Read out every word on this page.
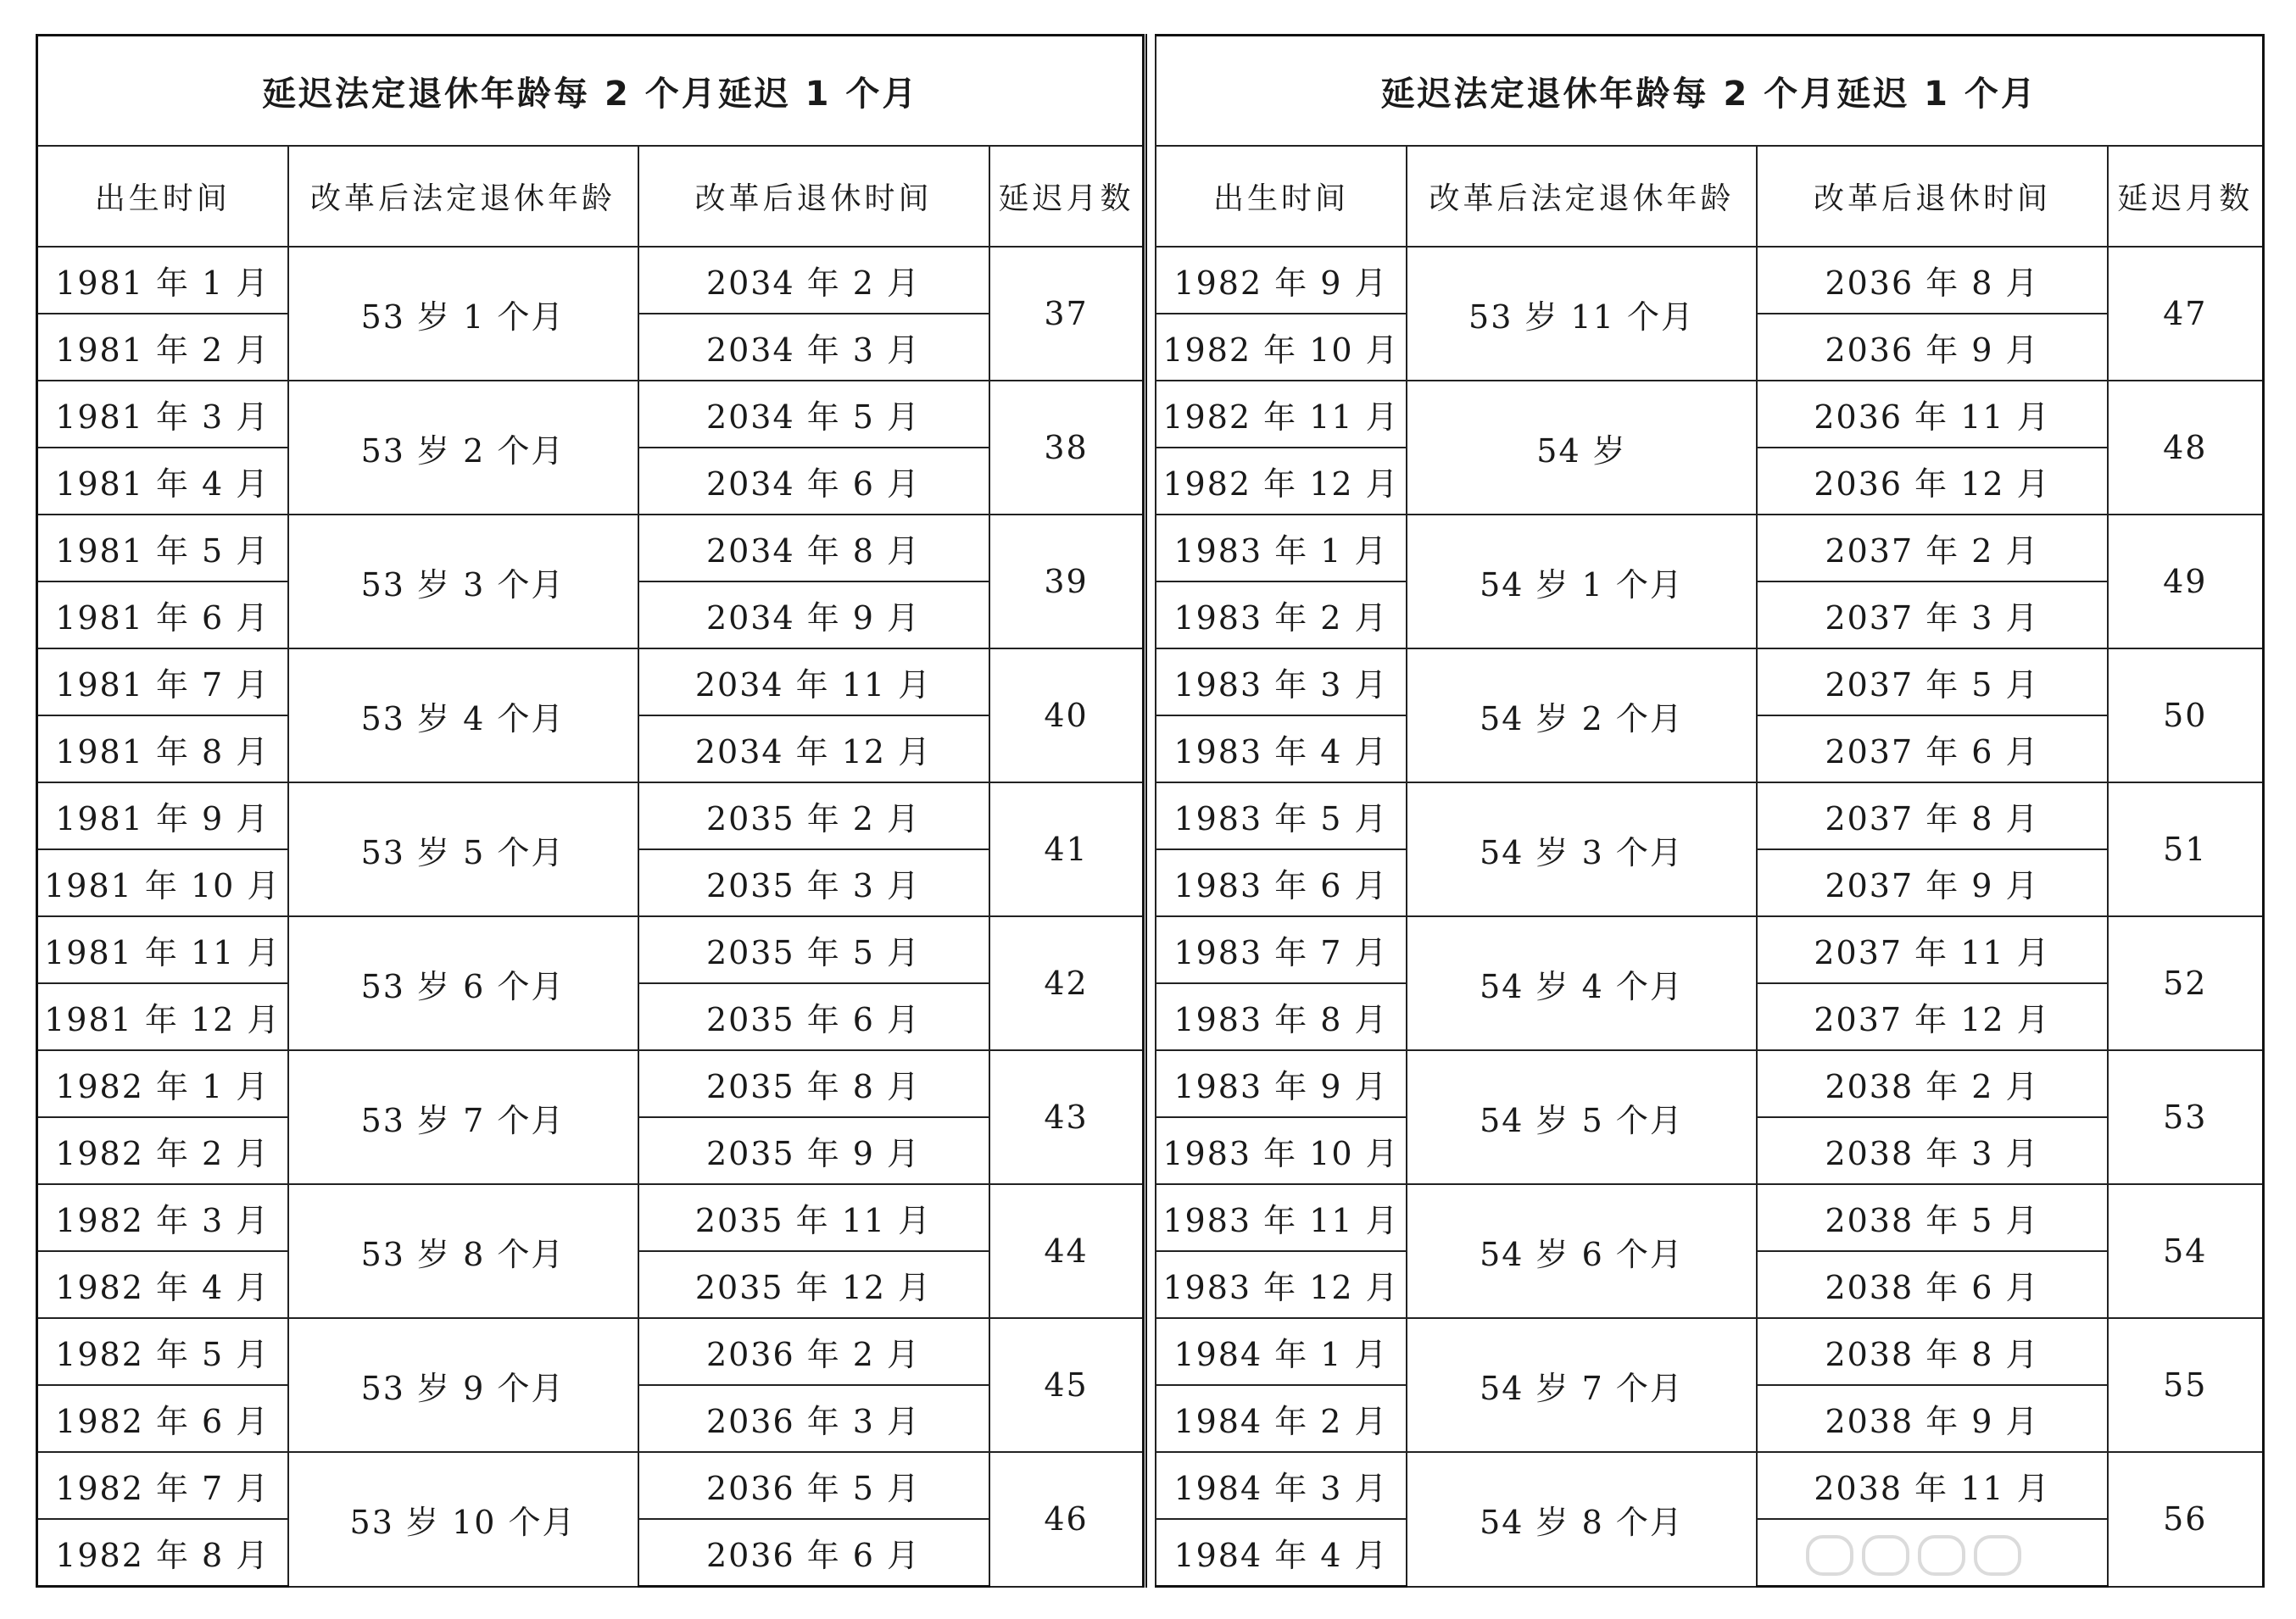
延迟法定退休年龄每 2 个月延迟 1 个月			
出生时间	改革后法定退休年龄	改革后退休时间	延迟月数
1981 年 1 月	53 岁 1 个月	2034 年 2 月	37
1981 年 2 月		2034 年 3 月	
1981 年 3 月	53 岁 2 个月	2034 年 5 月	38
1981 年 4 月		2034 年 6 月	
1981 年 5 月	53 岁 3 个月	2034 年 8 月	39
1981 年 6 月		2034 年 9 月	
1981 年 7 月	53 岁 4 个月	2034 年 11 月	40
1981 年 8 月		2034 年 12 月	
1981 年 9 月	53 岁 5 个月	2035 年 2 月	41
1981 年 10 月		2035 年 3 月	
1981 年 11 月	53 岁 6 个月	2035 年 5 月	42
1981 年 12 月		2035 年 6 月	
1982 年 1 月	53 岁 7 个月	2035 年 8 月	43
1982 年 2 月		2035 年 9 月	
1982 年 3 月	53 岁 8 个月	2035 年 11 月	44
1982 年 4 月		2035 年 12 月	
1982 年 5 月	53 岁 9 个月	2036 年 2 月	45
1982 年 6 月		2036 年 3 月	
1982 年 7 月	53 岁 10 个月	2036 年 5 月	46
1982 年 8 月		2036 年 6 月	
延迟法定退休年龄每 2 个月延迟 1 个月			
出生时间	改革后法定退休年龄	改革后退休时间	延迟月数
1982 年 9 月	53 岁 11 个月	2036 年 8 月	47
1982 年 10 月		2036 年 9 月	
1982 年 11 月	54 岁	2036 年 11 月	48
1982 年 12 月		2036 年 12 月	
1983 年 1 月	54 岁 1 个月	2037 年 2 月	49
1983 年 2 月		2037 年 3 月	
1983 年 3 月	54 岁 2 个月	2037 年 5 月	50
1983 年 4 月		2037 年 6 月	
1983 年 5 月	54 岁 3 个月	2037 年 8 月	51
1983 年 6 月		2037 年 9 月	
1983 年 7 月	54 岁 4 个月	2037 年 11 月	52
1983 年 8 月		2037 年 12 月	
1983 年 9 月	54 岁 5 个月	2038 年 2 月	53
1983 年 10 月		2038 年 3 月	
1983 年 11 月	54 岁 6 个月	2038 年 5 月	54
1983 年 12 月		2038 年 6 月	
1984 年 1 月	54 岁 7 个月	2038 年 8 月	55
1984 年 2 月		2038 年 9 月	
1984 年 3 月	54 岁 8 个月	2038 年 11 月	56
1984 年 4 月			
